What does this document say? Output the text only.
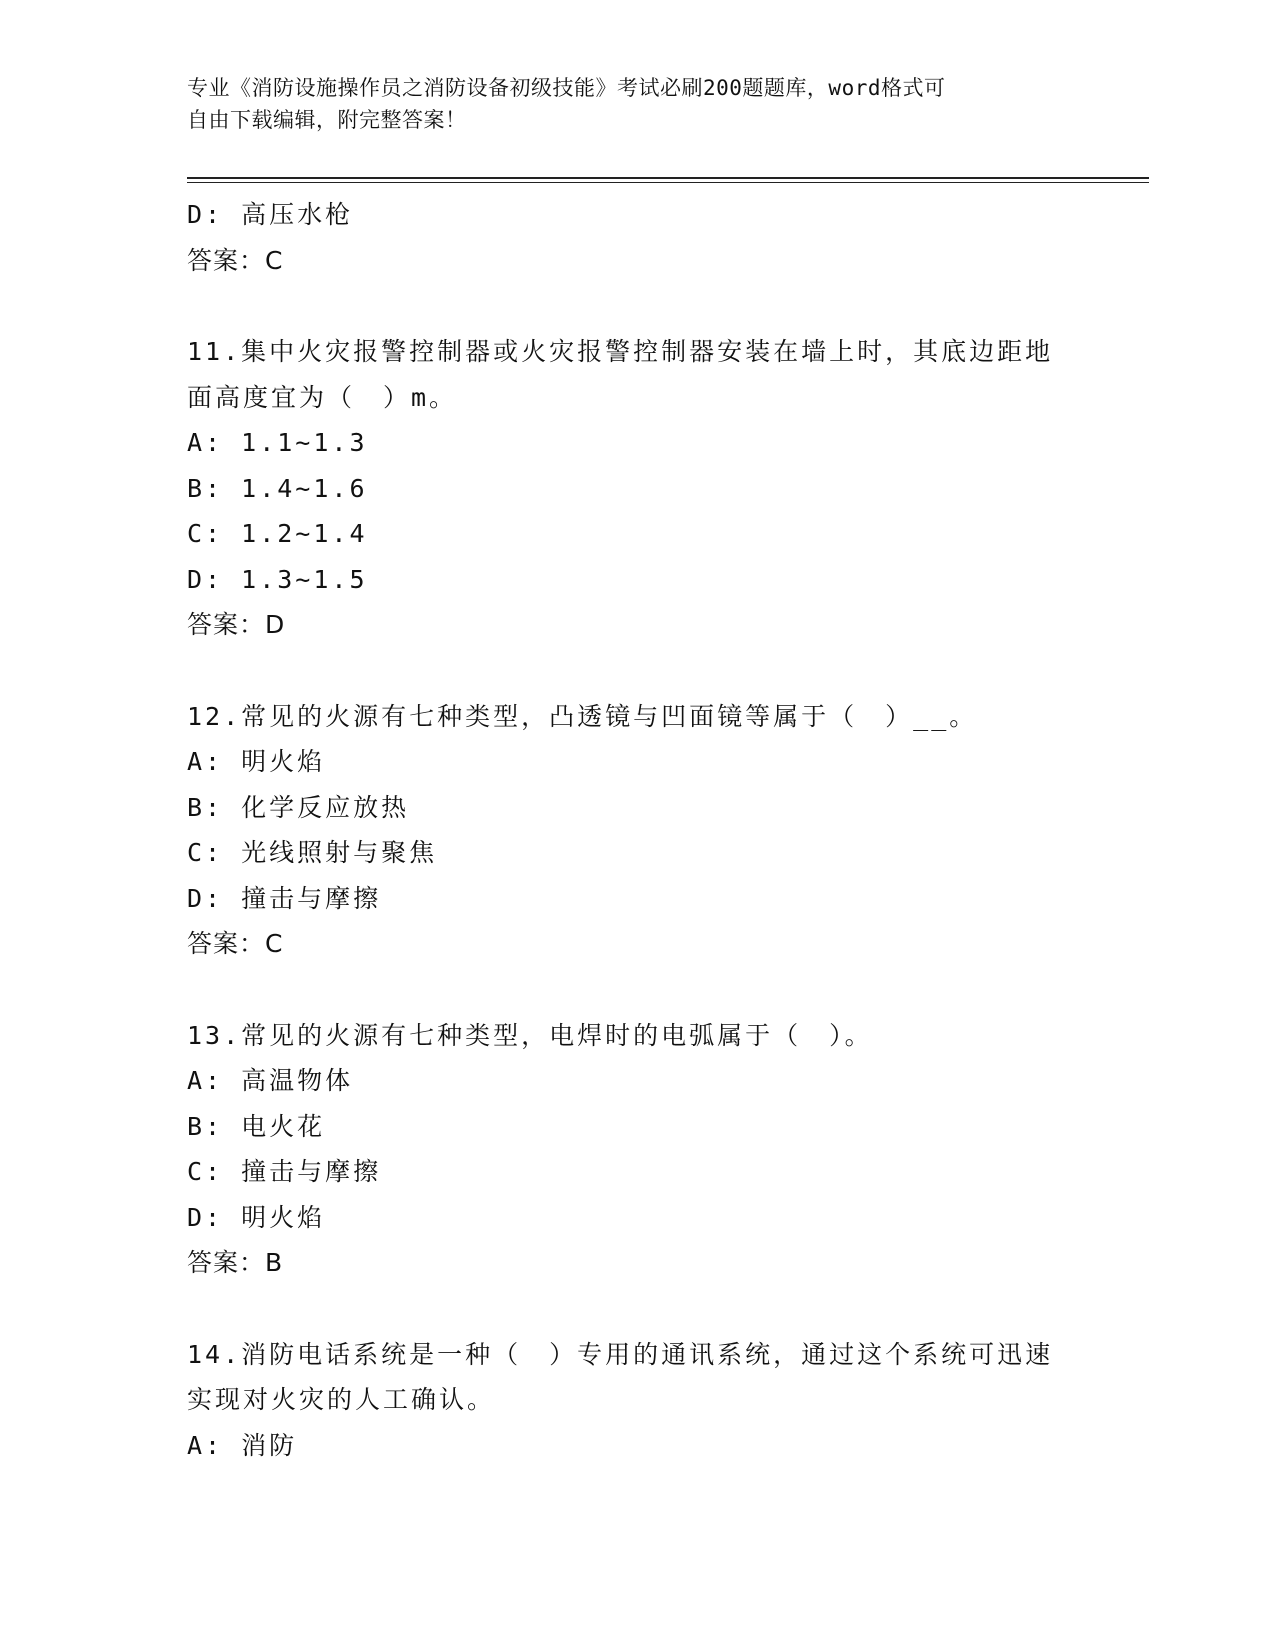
专业《消防设施操作员之消防设备初级技能》考试必刷200题题库，word格式可
自由下载编辑，附完整答案！
D: 高压水枪
答案：C
11.集中火灾报警控制器或火灾报警控制器安装在墙上时，其底边距地
面高度宜为（　）m。
A: 1.1~1.3
B: 1.4~1.6
C: 1.2~1.4
D: 1.3~1.5
答案：D
12.常见的火源有七种类型，凸透镜与凹面镜等属于（　）__。
A: 明火焰
B: 化学反应放热
C: 光线照射与聚焦
D: 撞击与摩擦
答案：C
13.常见的火源有七种类型，电焊时的电弧属于（　）。
A: 高温物体
B: 电火花
C: 撞击与摩擦
D: 明火焰
答案：B
14.消防电话系统是一种（　）专用的通讯系统，通过这个系统可迅速
实现对火灾的人工确认。
A: 消防
